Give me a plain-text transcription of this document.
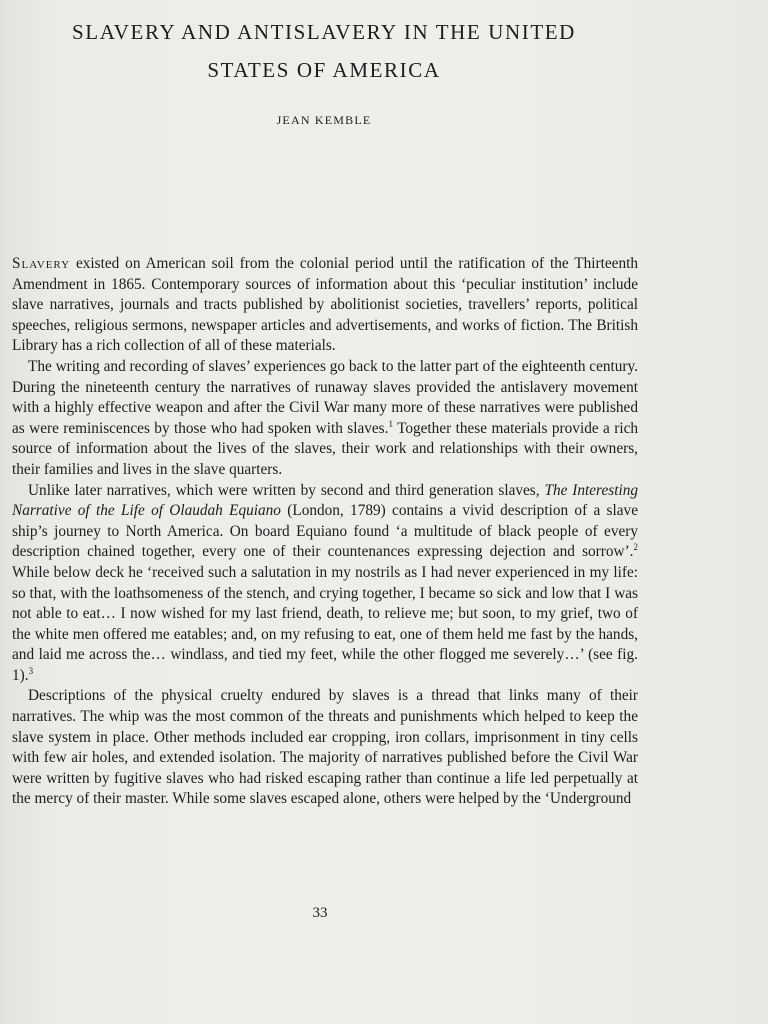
SLAVERY AND ANTISLAVERY IN THE UNITED
STATES OF AMERICA
JEAN KEMBLE

Slavery existed on American soil from the colonial period until the ratification of the Thirteenth Amendment in 1865. Contemporary sources of information about this ‘peculiar institution’ include slave narratives, journals and tracts published by abolitionist societies, travellers’ reports, political speeches, religious sermons, newspaper articles and advertisements, and works of fiction. The British Library has a rich collection of all of these materials.

The writing and recording of slaves’ experiences go back to the latter part of the eighteenth century. During the nineteenth century the narratives of runaway slaves provided the antislavery movement with a highly effective weapon and after the Civil War many more of these narratives were published as were reminiscences by those who had spoken with slaves.$^1$ Together these materials provide a rich source of information about the lives of the slaves, their work and relationships with their owners, their families and lives in the slave quarters.

Unlike later narratives, which were written by second and third generation slaves, The Interesting Narrative of the Life of Olaudah Equiano (London, 1789) contains a vivid description of a slave ship’s journey to North America. On board Equiano found ‘a multitude of black people of every description chained together, every one of their countenances expressing dejection and sorrow’.$^2$ While below deck he ‘received such a salutation in my nostrils as I had never experienced in my life: so that, with the loathsomeness of the stench, and crying together, I became so sick and low that I was not able to eat… I now wished for my last friend, death, to relieve me; but soon, to my grief, two of the white men offered me eatables; and, on my refusing to eat, one of them held me fast by the hands, and laid me across the… windlass, and tied my feet, while the other flogged me severely…’ (see fig. 1).$^3$

Descriptions of the physical cruelty endured by slaves is a thread that links many of their narratives. The whip was the most common of the threats and punishments which helped to keep the slave system in place. Other methods included ear cropping, iron collars, imprisonment in tiny cells with few air holes, and extended isolation. The majority of narratives published before the Civil War were written by fugitive slaves who had risked escaping rather than continue a life led perpetually at the mercy of their master. While some slaves escaped alone, others were helped by the ‘Underground

33
